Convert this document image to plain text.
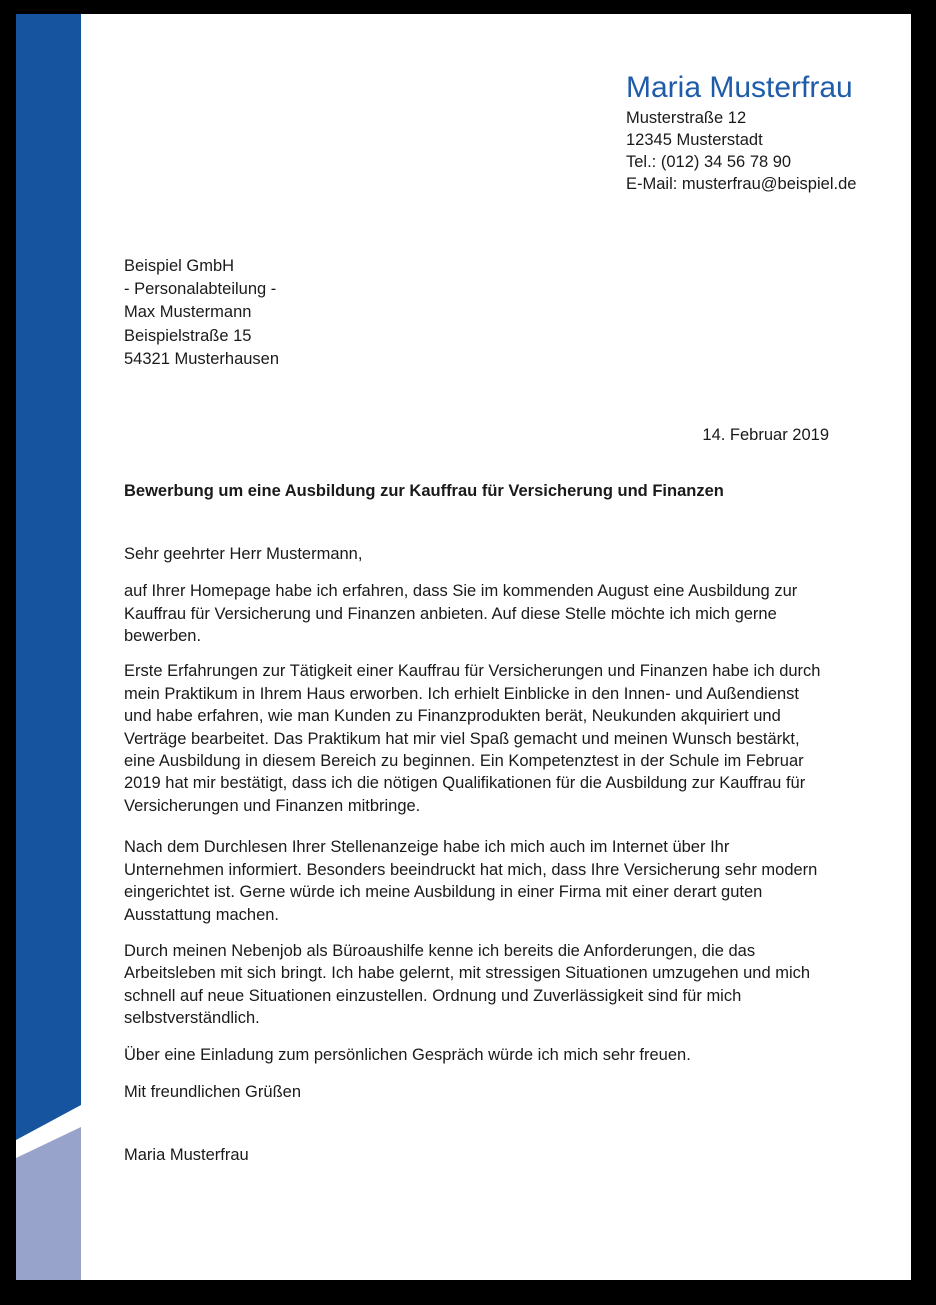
Maria Musterfrau
Musterstraße 12
12345 Musterstadt
Tel.: (012) 34 56 78 90
E-Mail: musterfrau@beispiel.de
Beispiel GmbH
- Personalabteilung -
Max Mustermann
Beispielstraße 15
54321 Musterhausen

14. Februar 2019

Bewerbung um eine Ausbildung zur Kauffrau für Versicherung und Finanzen

Sehr geehrter Herr Mustermann,

auf Ihrer Homepage habe ich erfahren, dass Sie im kommenden August eine Ausbildung zur Kauffrau für Versicherung und Finanzen anbieten. Auf diese Stelle möchte ich mich gerne bewerben.

Erste Erfahrungen zur Tätigkeit einer Kauffrau für Versicherungen und Finanzen habe ich durch mein Praktikum in Ihrem Haus erworben. Ich erhielt Einblicke in den Innen- und Außendienst und habe erfahren, wie man Kunden zu Finanzprodukten berät, Neukunden akquiriert und Verträge bearbeitet. Das Praktikum hat mir viel Spaß gemacht und meinen Wunsch bestärkt, eine Ausbildung in diesem Bereich zu beginnen. Ein Kompetenztest in der Schule im Februar 2019 hat mir bestätigt, dass ich die nötigen Qualifikationen für die Ausbildung zur Kauffrau für Versicherungen und Finanzen mitbringe.

Nach dem Durchlesen Ihrer Stellenanzeige habe ich mich auch im Internet über Ihr Unternehmen informiert. Besonders beeindruckt hat mich, dass Ihre Versicherung sehr modern eingerichtet ist. Gerne würde ich meine Ausbildung in einer Firma mit einer derart guten Ausstattung machen.

Durch meinen Nebenjob als Büroaushilfe kenne ich bereits die Anforderungen, die das Arbeitsleben mit sich bringt. Ich habe gelernt, mit stressigen Situationen umzugehen und mich schnell auf neue Situationen einzustellen. Ordnung und Zuverlässigkeit sind für mich selbstverständlich.

Über eine Einladung zum persönlichen Gespräch würde ich mich sehr freuen.

Mit freundlichen Grüßen

Maria Musterfrau
